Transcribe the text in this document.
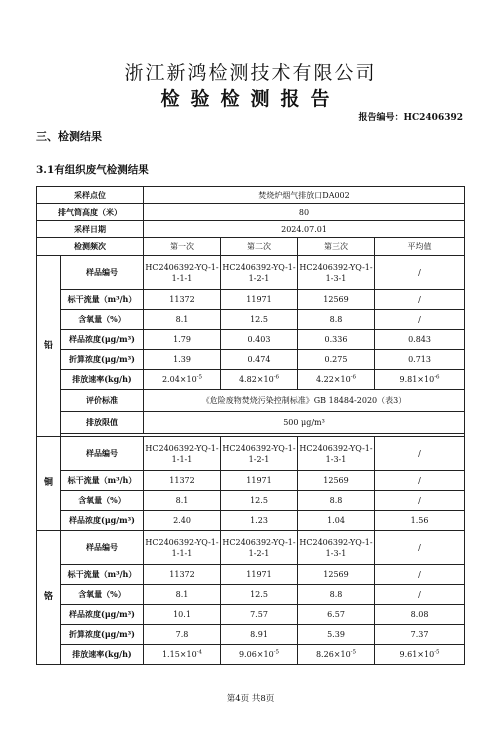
浙江新鸿检测技术有限公司
检验检测报告
报告编号：HC2406392
三、检测结果
3.1有组织废气检测结果
采样点位		焚烧炉烟气排放口DA002			
排气筒高度（米）		80			
采样日期		2024.07.01			
检测频次		第一次	第二次	第三次	平均值
铅	样品编号	HC2406392-YQ-1-1-1-1	HC2406392-YQ-1-1-2-1	HC2406392-YQ-1-1-3-1	/
	标干流量（m³/h）	11372	11971	12569	/
	含氧量（%）	8.1	12.5	8.8	/
	样品浓度(μg/m³)	1.79	0.403	0.336	0.843
	折算浓度(μg/m³)	1.39	0.474	0.275	0.713
	排放速率(kg/h)	$2.04\times 10^{-5}$	$4.82\times 10^{-6}$	$4.22\times 10^{-6}$	$9.81\times 10^{-6}$
	评价标准	《危险废物焚烧污染控制标准》GB 18484-2020（表3）			
	排放限值	500 μg/m³			

铜	样品编号	HC2406392-YQ-1-1-1-1	HC2406392-YQ-1-1-2-1	HC2406392-YQ-1-1-3-1	/
	标干流量（m³/h）	11372	11971	12569	/
	含氧量（%）	8.1	12.5	8.8	/
	样品浓度(μg/m³)	2.40	1.23	1.04	1.56
铬	样品编号	HC2406392-YQ-1-1-1-1	HC2406392-YQ-1-1-2-1	HC2406392-YQ-1-1-3-1	/
	标干流量（m³/h）	11372	11971	12569	/
	含氧量（%）	8.1	12.5	8.8	/
	样品浓度(μg/m³)	10.1	7.57	6.57	8.08
	折算浓度(μg/m³)	7.8	8.91	5.39	7.37
	排放速率(kg/h)	$1.15\times 10^{-4}$	$9.06\times 10^{-5}$	$8.26\times 10^{-5}$	$9.61\times 10^{-5}$
第4页 共8页
